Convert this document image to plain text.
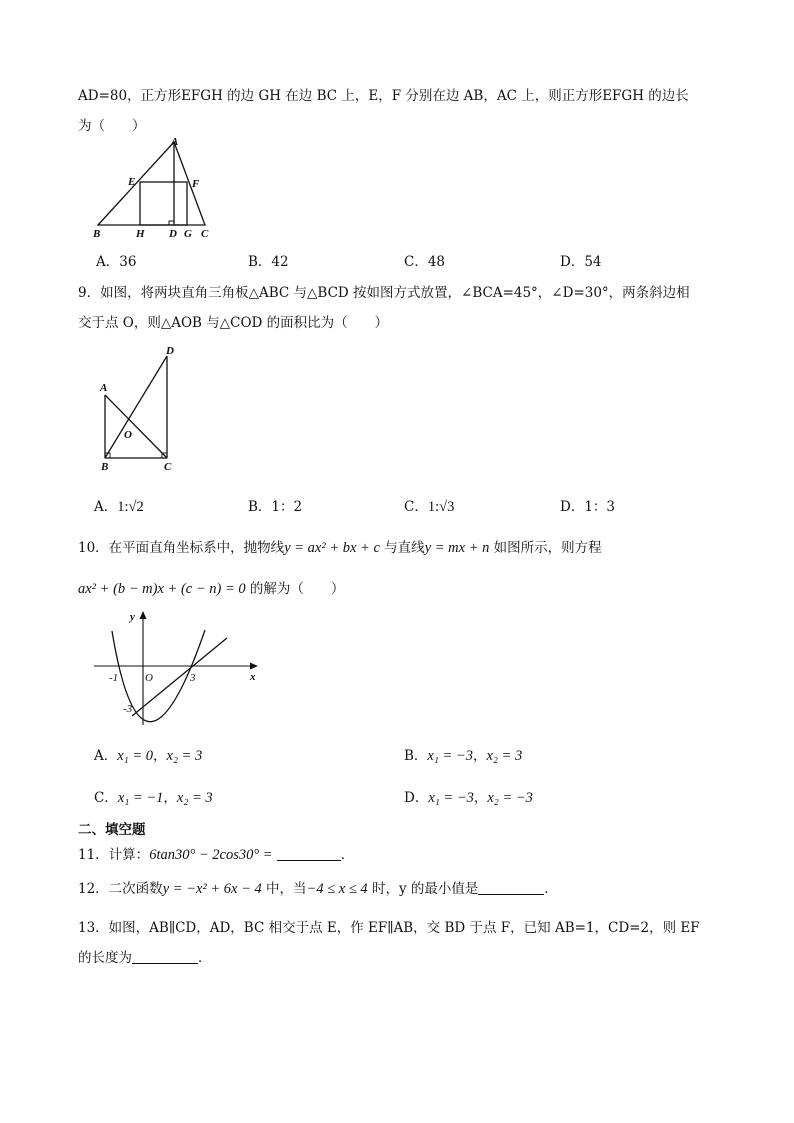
AD=80，正方形EFGH 的边 GH 在边 BC 上，E，F 分别在边 AB，AC 上，则正方形EFGH 的边长
为（　　）
A
E	F
B	H D G C
A．36	B．42	C．48	D．54
9．如图，将两块直角三角板△ABC 与△BCD 按如图方式放置，∠BCA=45°，∠D=30°，两条斜边相
交于点 O，则△AOB 与△COD 的面积比为（　　）
A
D
O
B	C
A．1:√2	B．1：2	C．1:√3	D．1：3
10．在平面直角坐标系中，抛物线y = ax² + bx + c 与直线y = mx + n 如图所示，则方程
ax² + (b − m)x + (c − n) = 0 的解为（　　）
y
x
O
-1	3
-3
A．x₁ = 0，x₂ = 3	B．x₁ = −3，x₂ = 3
C．x₁ = −1，x₂ = 3	D．x₁ = −3，x₂ = −3
二、填空题
11．计算：6tan30° − 2cos30° =	．
12．二次函数y = −x² + 6x − 4 中，当−4 ≤ x ≤ 4 时，y 的最小值是	．
13．如图，AB∥CD，AD，BC 相交于点 E，作 EF∥AB，交 BD 于点 F，已知 AB=1，CD=2，则 EF
的长度为	．
